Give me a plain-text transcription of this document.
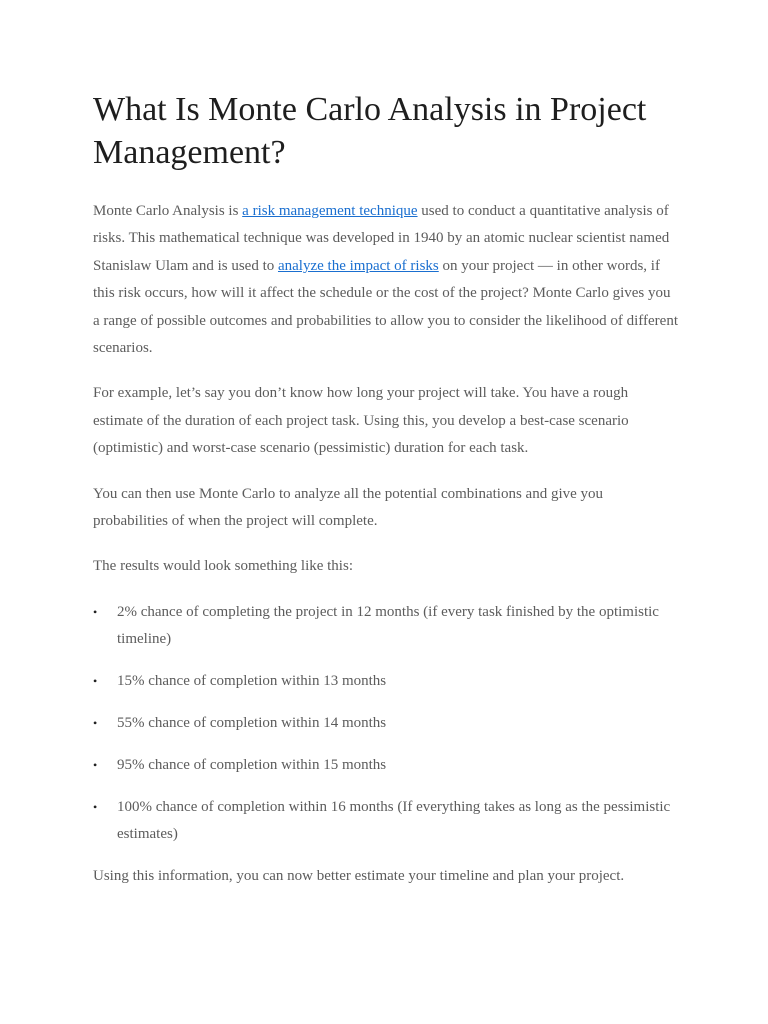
What Is Monte Carlo Analysis in Project Management?

Monte Carlo Analysis is a risk management technique used to conduct a quantitative analysis of risks. This mathematical technique was developed in 1940 by an atomic nuclear scientist named Stanislaw Ulam and is used to analyze the impact of risks on your project — in other words, if this risk occurs, how will it affect the schedule or the cost of the project? Monte Carlo gives you a range of possible outcomes and probabilities to allow you to consider the likelihood of different scenarios.

For example, let’s say you don’t know how long your project will take. You have a rough estimate of the duration of each project task. Using this, you develop a best-case scenario (optimistic) and worst-case scenario (pessimistic) duration for each task.

You can then use Monte Carlo to analyze all the potential combinations and give you probabilities of when the project will complete.

The results would look something like this:

• 2% chance of completing the project in 12 months (if every task finished by the optimistic timeline)
• 15% chance of completion within 13 months
• 55% chance of completion within 14 months
• 95% chance of completion within 15 months
• 100% chance of completion within 16 months (If everything takes as long as the pessimistic estimates)

Using this information, you can now better estimate your timeline and plan your project.
